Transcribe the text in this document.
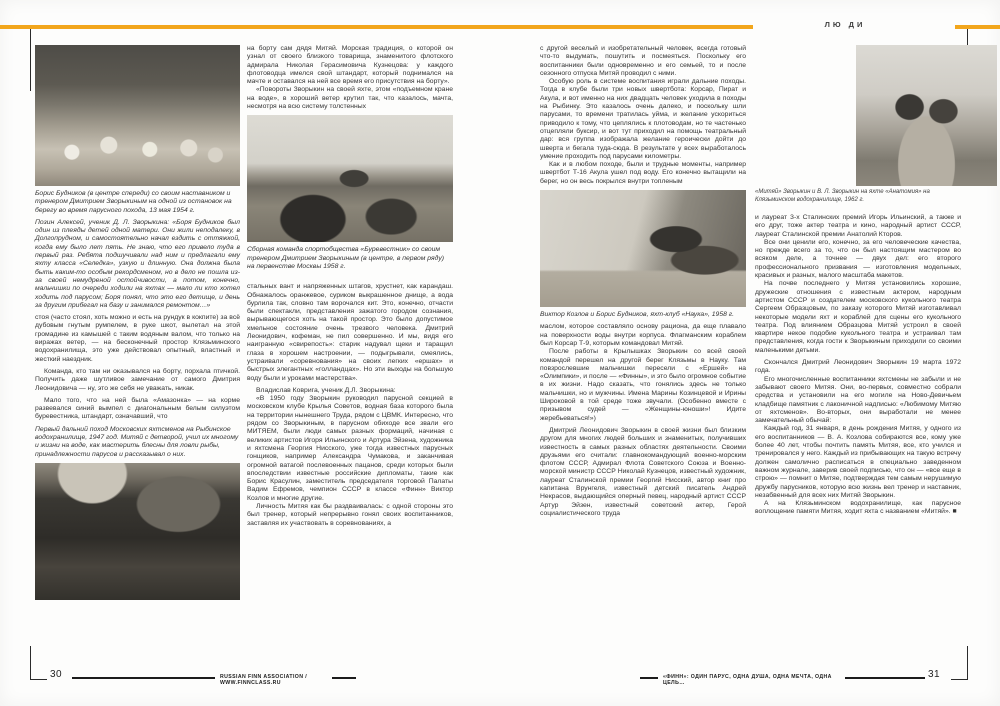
ЛЮ ДИ

Борис Будников (в центре спереди) со своим наставником и тренером Дмитрием Зворыкиным на одной из остановок на берегу во время парусного похода, 13 мая 1954 г.

Позин Алексей, ученик Д. Л. Зворыкина: «Боря Будников был один из плеяды детей одной матери. Они жили неподалеку, в Долгопрудном, и самостоятельно начал ездить с оттяжкой, когда ему было лет пять. Не знаю, что его привело туда в первый раз. Ребята подшучивали над ним и предлагали ему яхту класса «Селедка», узкую и длинную. Она должна была быть каким-то особым рекордсменом, но в дело не пошла из-за своей немудреной остойчивости, а потом, конечно, мальчишки по очереди ходили на яхтах — мало ли кто хотел ходить под парусом; Боря понял, что это его детище, и день за другим прибегал на базу и занимался ремонтом…»

стоя (часто стоял, хоть можно и есть на рундук в кокпите) за всё дубовым гнутым румпелем, в руке шкот, вылетал на этой громадине из камышей с таким водяным валом, что только на виражах ветер, — на бесконечный простор Клязьминского водохранилища, это уже действовал опытный, властный и жесткий наездник.

Команда, кто там ни оказывался на борту, порхала птичкой. Получить даже шутливое замечание от самого Дмитрия Леонидовича — ну, это же себя не уважать, никак.

Мало того, что на ней была «Амазонка» — на корме развевался синий вымпел с диагональным белым силуэтом буревестника, штандарт, означавший, что

Первый дальний поход Московских яхтсменов на Рыбинское водохранилище, 1947 год. Митяй с детворой, учил их многому и жизни на воде, как мастерить блесны для ловли рыбы, принадлежности парусов и рассказывал о них.

на борту сам дядя Митяй. Морская традиция, о которой он узнал от своего близкого товарища, знаменитого флотского адмирала Николая Герасимовича Кузнецова: у каждого флотоводца имелся свой штандарт, который поднимался на мачте и оставался на ней все время его присутствия на борту».

«Повороты Зворыкин на своей яхте, этом «подъемном кране на воде», в хороший ветер крутил так, что казалось, мачта, несмотря на всю систему толстенных

Сборная команда спортобщества «Буревестник» со своим тренером Дмитрием Зворыкиным (в центре, в первом ряду) на первенстве Москвы 1958 г.

стальных вант и напряженных штагов, хрустнет, как карандаш. Обнажалось оранжевое, суриком выкрашенное днище, а вода бурлила так, словно там ворочался кит. Это, конечно, отчасти были спектакли, представления зажатого городом сознания, вырывающегося хоть на такой простор. Это было допустимое хмельное состояние очень трезвого человека. Дмитрий Леонидович, кофеман, не пил совершенно. И мы, видя его наигранную «свирепость»: старик надувал щеки и таращил глаза в хорошем настроении, — подыгрывали, смеялись, устраивали «соревнования» на своих легких «ершах» и быстрых элегантных «голландцах». Но эти выходы на большую воду были и уроками мастерства».

Владислав Коврига, ученик Д.Л. Зворыкина:

«В 1950 году Зворыкин руководил парусной секцией в московском клубе Крылья Советов, водная база которого была на территории нынешнего Труда, рядом с ЦВМК. Интересно, что рядом со Зворыкиным, в парусном обиходе все звали его МИТЯЕМ, были люди самых разных формаций, начиная с великих артистов Игоря Ильинского и Артура Эйзена, художника и яхтсмена Георгия Нисского, уже тогда известных парусных гонщиков, например Александра Чумакова, и заканчивая огромной ватагой послевоенных пацанов, среди которых были впоследствии известные российские дипломаты, такие как Борис Красулин, заместитель председателя торговой Палаты Вадим Ефремов, чемпион СССР в классе «Финн» Виктор Козлов и многие другие.

Личность Митяя как бы раздваивалась: с одной стороны это был тренер, который непрерывно гонял своих воспитанников, заставляя их участвовать в соревнованиях, а

с другой веселый и изобретательный человек, всегда готовый что-то выдумать, пошутить и посмеяться. Поскольку его воспитанники были одновременно и его семьей, то и после сезонного отпуска Митяй проводил с ними.

Особую роль в системе воспитания играли дальние походы. Тогда в клубе были три новых швертбота: Корсар, Пират и Акула, и вот именно на них двадцать человек уходила в походы на Рыбинку. Это казалось очень далеко, и поскольку шли парусами, то времени тратилась уйма, и желание ускориться приводило к тому, что цеплялись к плотоводам, но те частенько отцепляли буксир, и вот тут приходил на помощь театральный дар: вся группа изображала желание героически дойти до шверта и бегала туда-сюда. В результате у всех выработалось умение проходить под парусами километры.

Как и в любом походе, были и трудные моменты, например швертбот Т-16 Акула ушел под воду. Его конечно вытащили на берег, но он весь покрылся внутри топленым

Виктор Козлов и Борис Будников, яхт-клуб «Наука», 1958 г.

маслом, которое составляло основу рациона, да еще плавало на поверхности воды внутри корпуса. Флагманским кораблем был Корсар Т-9, которым командовал Митяй.

После работы в Крылышках Зворыкин со всей своей командой перешел на другой берег Клязьмы в Науку. Там повзрослевшие мальчишки пересели с «Ершей» на «Олимпики», и после — «Финны», и это было огромное событие в их жизни. Надо сказать, что гонялись здесь не только мальчишки, но и мужчины. Имена Марины Козинцевой и Ирины Широковой в той среде тоже звучали. (Особенно вместе с призывом судей — «Женщины-юноши»! Идите жеребьеваться!»)

Дмитрий Леонидович Зворыкин в своей жизни был близким другом для многих людей больших и знаменитых, получивших известность в самых разных областях деятельности. Своими друзьями его считали: главнокомандующий военно-морским флотом СССР, Адмирал Флота Советского Союза и Военно-морской министр СССР Николай Кузнецов, известный художник, лауреат Сталинской премии Георгий Нисский, автор книг про капитана Врунгеля, известный детский писатель Андрей Некрасов, выдающийся оперный певец, народный артист СССР Артур Эйзен, известный советский актер, Герой социалистического труда

«Митяй» Зворыкин и В. Л. Зворыкин на яхте «Анатомия» на Клязьминском водохранилище, 1962 г.

и лауреат 3-х Сталинских премий Игорь Ильинский, а также и его друг, тоже актер театра и кино, народный артист СССР, лауреат Сталинской премии Анатолий Кторов.

Все они ценили его, конечно, за его человеческие качества, но прежде всего за то, что он был настоящим мастером во всяком деле, а точнее — двух дел: его второго профессионального призвания — изготовления модельных, красивых и разных, малого масштаба макетов.

На почве последнего у Митяя установились хорошие, дружеские отношения с известным актером, народным артистом СССР и создателем московского кукольного театра Сергеем Образцовым, по заказу которого Митяй изготавливал некоторые модели яхт и кораблей для сцены его кукольного театра. Под влиянием Образцова Митяй устроил в своей квартире некое подобие кукольного театра и устраивал там представления, когда гости к Зворыкиным приходили со своими маленькими детьми.

Скончался Дмитрий Леонидович Зворыкин 19 марта 1972 года.

Его многочисленные воспитанники яхтсмены не забыли и не забывают своего Митяя. Они, во-первых, совместно собрали средства и установили на его могиле на Ново-Девичьем кладбище памятник с лаконичной надписью: «Любимому Митяю от яхтсменов». Во-вторых, они выработали не менее замечательный обычай:

Каждый год, 31 января, в день рождения Митяя, у одного из его воспитанников — В. А. Козлова собираются все, кому уже более 40 лет, чтобы почтить память Митяя, все, кто учился и тренировался у него. Каждый из прибывающих на такую встречу должен самолично расписаться в специально заведенном важном журнале, заверив своей подписью, что он — «все еще в строю» — помнит о Митяе, подтверждая тем самым нерушимую дружбу парусников, которую всю жизнь вел тренер и наставник, незабвенный для всех них Митяй Зворыкин.

А на Клязьминском водохранилище, как парусное воплощение памяти Митяя, ходит яхта с названием «Митяй». ■

30	RUSSIAN FINN ASSOCIATION / WWW.FINNCLASS.RU
«ФИНН»: ОДИН ПАРУС, ОДНА ДУША, ОДНА МЕЧТА, ОДНА ЦЕЛЬ…
31
